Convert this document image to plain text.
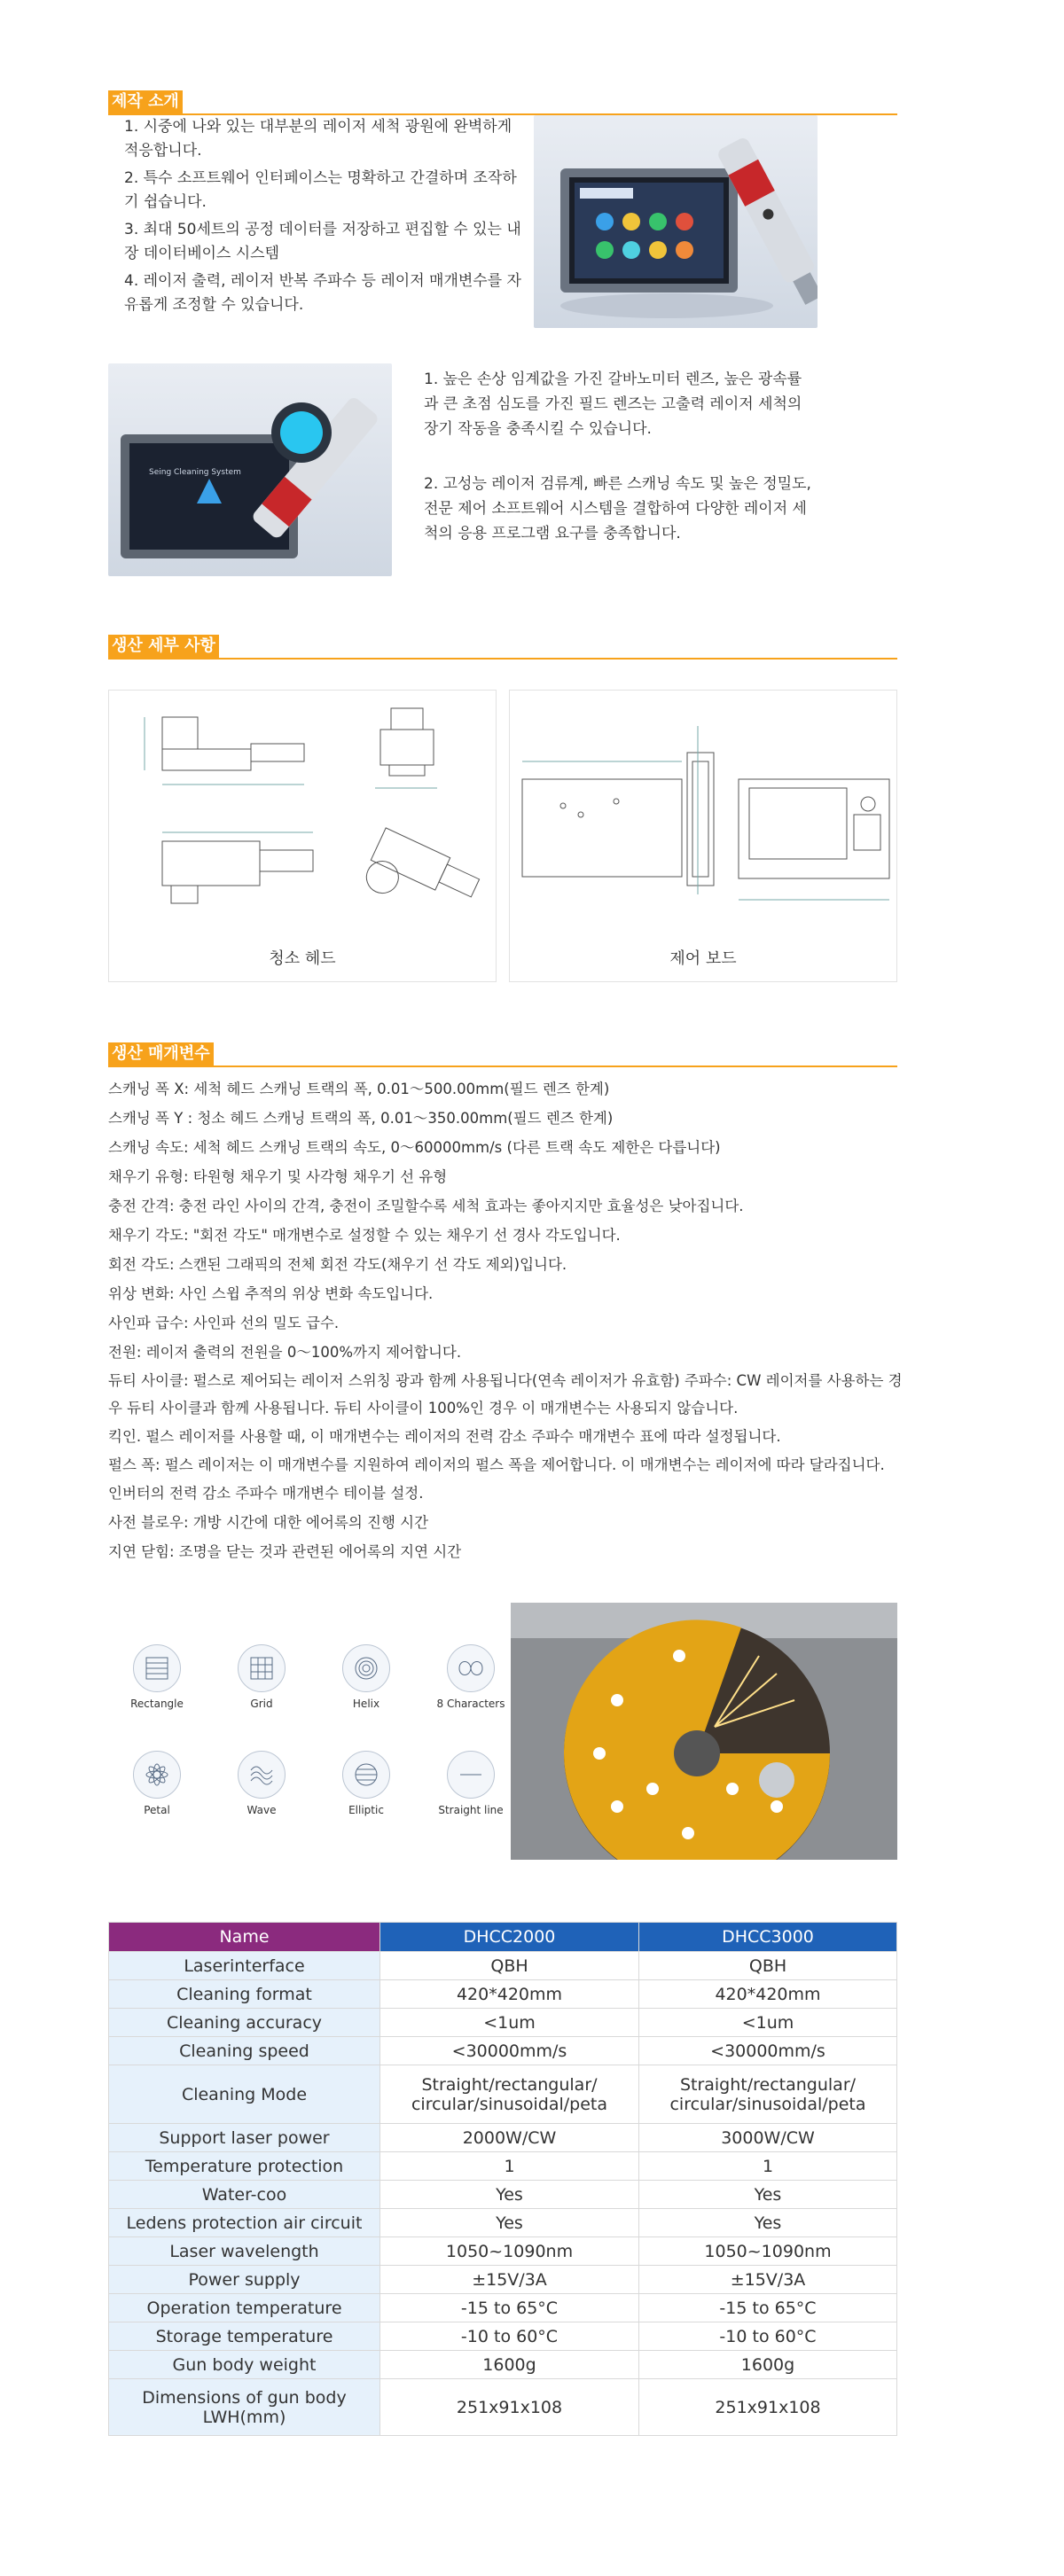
제작 소개

1. 시중에 나와 있는 대부분의 레이저 세척 광원에 완벽하게 적응합니다.

2. 특수 소프트웨어 인터페이스는 명확하고 간결하며 조작하기 쉽습니다.

3. 최대 50세트의 공정 데이터를 저장하고 편집할 수 있는 내장 데이터베이스 시스템

4. 레이저 출력, 레이저 반복 주파수 등 레이저 매개변수를 자유롭게 조정할 수 있습니다.

Seing Cleaning System

1. 높은 손상 임계값을 가진 갈바노미터 렌즈, 높은 광속률과 큰 초점 심도를 가진 필드 렌즈는 고출력 레이저 세척의 장기 작동을 충족시킬 수 있습니다.

2. 고성능 레이저 검류계, 빠른 스캐닝 속도 및 높은 정밀도, 전문 제어 소프트웨어 시스템을 결합하여 다양한 레이저 세척의 응용 프로그램 요구를 충족합니다.

생산 세부 사항
청소 헤드	제어 보드
생산 매개변수

스캐닝 폭 X: 세척 헤드 스캐닝 트랙의 폭, 0.01～500.00mm(필드 렌즈 한계)

스캐닝 폭 Y : 청소 헤드 스캐닝 트랙의 폭, 0.01～350.00mm(필드 렌즈 한계)

스캐닝 속도: 세척 헤드 스캐닝 트랙의 속도, 0～60000mm/s (다른 트랙 속도 제한은 다릅니다)

채우기 유형: 타원형 채우기 및 사각형 채우기 선 유형

충전 간격: 충전 라인 사이의 간격, 충전이 조밀할수록 세척 효과는 좋아지지만 효율성은 낮아집니다.

채우기 각도: "회전 각도" 매개변수로 설정할 수 있는 채우기 선 경사 각도입니다.

회전 각도: 스캔된 그래픽의 전체 회전 각도(채우기 선 각도 제외)입니다.

위상 변화: 사인 스윕 추적의 위상 변화 속도입니다.

사인파 급수: 사인파 선의 밀도 급수.

전원: 레이저 출력의 전원을 0～100%까지 제어합니다.

듀티 사이클: 펄스로 제어되는 레이저 스위칭 광과 함께 사용됩니다(연속 레이저가 유효함) 주파수: CW 레이저를 사용하는 경우 듀티 사이클과 함께 사용됩니다. 듀티 사이클이 100%인 경우 이 매개변수는 사용되지 않습니다.

킥인. 펄스 레이저를 사용할 때, 이 매개변수는 레이저의 전력 감소 주파수 매개변수 표에 따라 설정됩니다.

펄스 폭: 펄스 레이저는 이 매개변수를 지원하여 레이저의 펄스 폭을 제어합니다. 이 매개변수는 레이저에 따라 달라집니다.

인버터의 전력 감소 주파수 매개변수 테이블 설정.

사전 블로우: 개방 시간에 대한 에어록의 진행 시간

지연 닫힘: 조명을 닫는 것과 관련된 에어록의 지연 시간

Rectangle	Grid	Helix	8 Characters
Petal	Wave	Elliptic	Straight line
Name	DHCC2000	DHCC3000
Laserinterface	QBH	QBH
Cleaning format	420*420mm	420*420mm
Cleaning accuracy	<1um	<1um
Cleaning speed	<30000mm/s	<30000mm/s
Cleaning Mode	Straight/rectangular/ circular/sinusoidal/peta	Straight/rectangular/ circular/sinusoidal/peta
Support laser power	2000W/CW	3000W/CW
Temperature protection	1	1
Water-coo	Yes	Yes
Ledens protection air circuit	Yes	Yes
Laser wavelength	1050~1090nm	1050~1090nm
Power supply	±15V/3A	±15V/3A
Operation temperature	-15 to 65°C	-15 to 65°C
Storage temperature	-10 to 60°C	-10 to 60°C
Gun body weight	1600g	1600g
Dimensions of gun body LWH(mm)	251x91x108	251x91x108
